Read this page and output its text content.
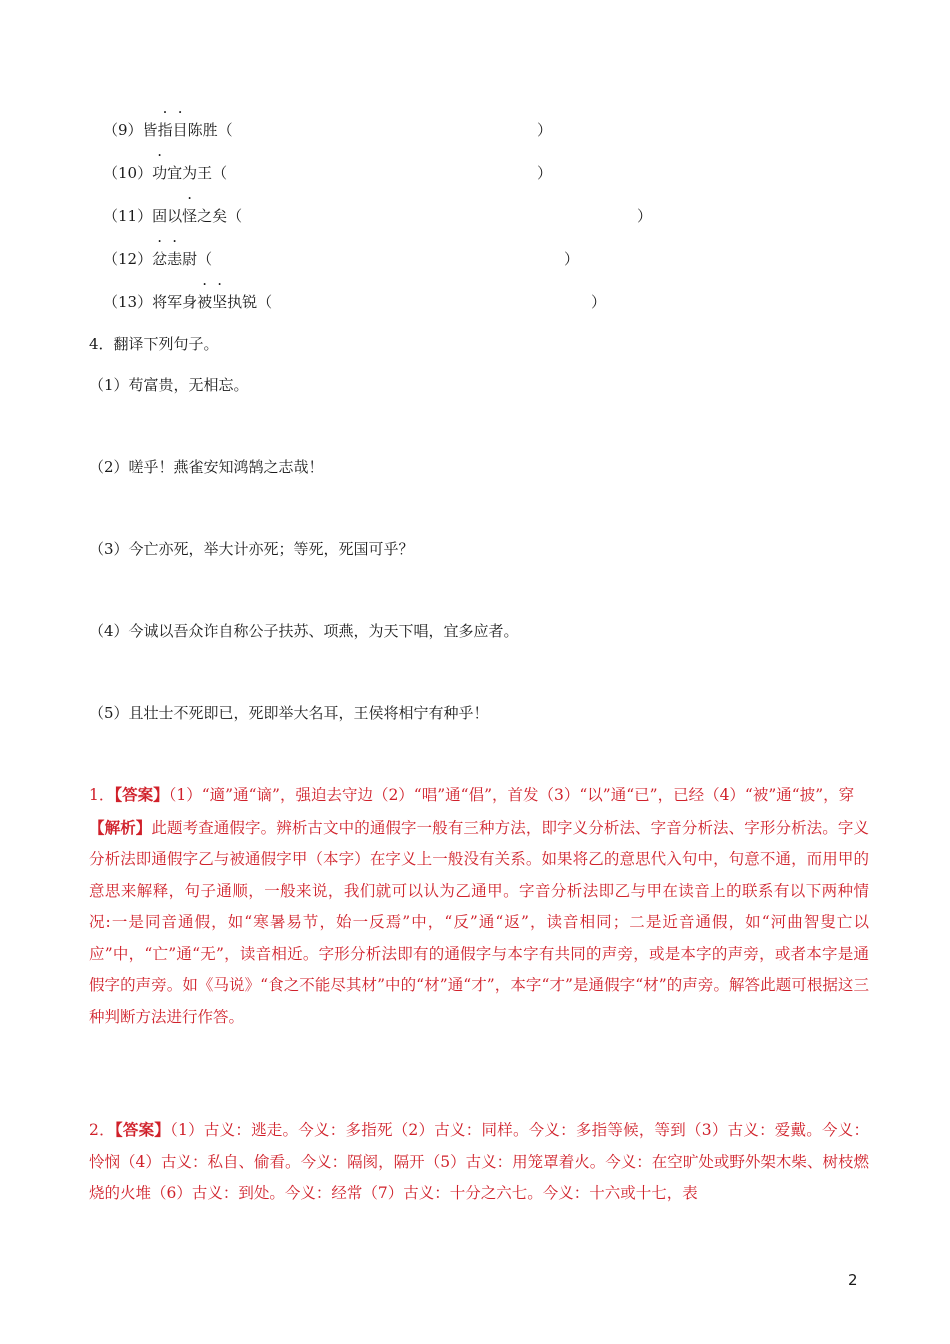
（9）皆指目陈胜（	）
（10）功宜为王（	）
（11）固以怪之矣（	）
（12）忿恚尉（	）
（13）将军身被坚执锐（	）
4．翻译下列句子。
（1）苟富贵，无相忘。
（2）嗟乎！燕雀安知鸿鹄之志哉！
（3）今亡亦死，举大计亦死；等死，死国可乎？
（4）今诚以吾众诈自称公子扶苏、项燕，为天下唱，宜多应者。
（5）且壮士不死即已，死即举大名耳，王侯将相宁有种乎！
1．【答案】（1）“適”通“谪”，强迫去守边（2）“唱”通“倡”，首发（3）“以”通“已”，已经（4）“被”通“披”，穿
【解析】此题考查通假字。辨析古文中的通假字一般有三种方法，即字义分析法、字音分析法、字形分析法。字义分析法即通假字乙与被通假字甲（本字）在字义上一般没有关系。如果将乙的意思代入句中，句意不通，而用甲的意思来解释，句子通顺，一般来说，我们就可以认为乙通甲。字音分析法即乙与甲在读音上的联系有以下两种情况:一是同音通假，如“寒暑易节，始一反焉”中，“反”通“返”，读音相同；二是近音通假，如“河曲智叟亡以应”中，“亡”通“无”，读音相近。字形分析法即有的通假字与本字有共同的声旁，或是本字的声旁，或者本字是通假字的声旁。如《马说》“食之不能尽其材”中的“材”通“才”，本字“才”是通假字“材”的声旁。解答此题可根据这三种判断方法进行作答。
2．【答案】（1）古义：逃走。今义：多指死（2）古义：同样。今义：多指等候，等到（3）古义：爱戴。今义：怜悯（4）古义：私自、偷看。今义：隔阂，隔开（5）古义：用笼罩着火。今义：在空旷处或野外架木柴、树枝燃烧的火堆（6）古义：到处。今义：经常（7）古义：十分之六七。今义：十六或十七，表
2
